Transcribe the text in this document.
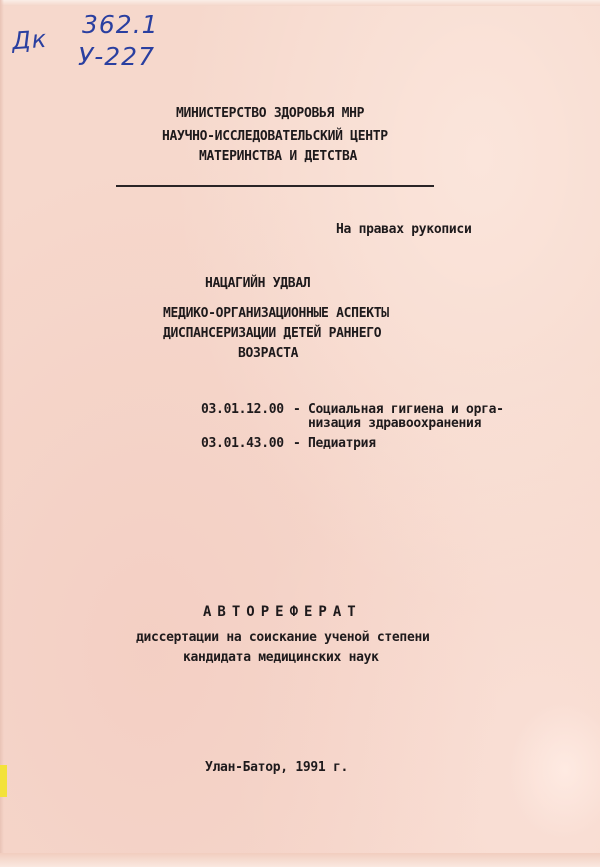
Дк
362.1
У-227
МИНИСТЕРСТВО ЗДОРОВЬЯ МНР
НАУЧНО-ИССЛЕДОВАТЕЛЬСКИЙ ЦЕНТР
МАТЕРИНСТВА И ДЕТСТВА
На правах рукописи
НАЦАГИЙН УДВАЛ
МЕДИКО-ОРГАНИЗАЦИОННЫЕ АСПЕКТЫ
ДИСПАНСЕРИЗАЦИИ ДЕТЕЙ РАННЕГО
ВОЗРАСТА
03.01.12.00 - Социальная гигиена и орга-
низация здравоохранения
03.01.43.00 - Педиатрия
АВТОРЕФЕРАТ
диссертации на соискание ученой степени
кандидата медицинских наук
Улан-Батор, 1991 г.
